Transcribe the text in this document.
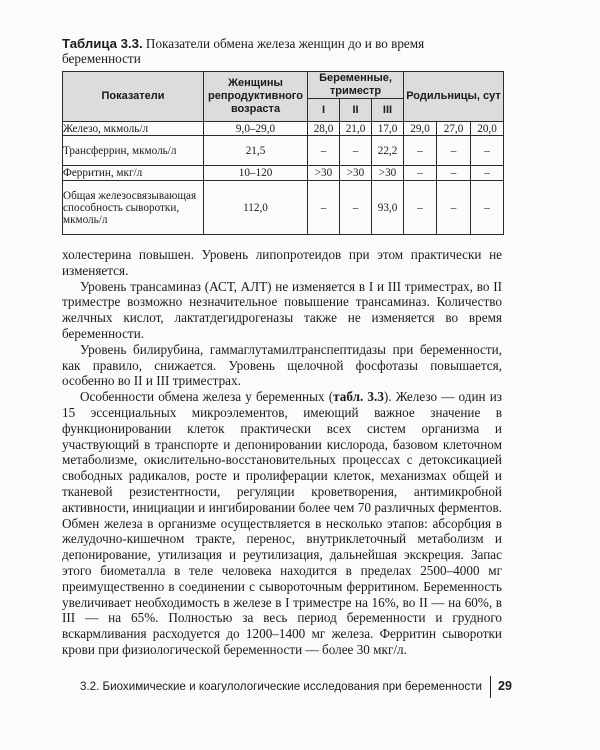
Таблица 3.3. Показатели обмена железа женщин до и во время беременности
Показатели	Женщины репродуктивного возраста	Беременные, триместр			Родильницы, сут		
		I	II	III			
Железо, мкмоль/л	9,0–29,0	28,0	21,0	17,0	29,0	27,0	20,0
Трансферрин, мкмоль/л	21,5	–	–	22,2	–	–	–
Ферритин, мкг/л	10–120	>30	>30	>30	–	–	–
Общая железосвязывающая способность сыворотки, мкмоль/л	112,0	–	–	93,0	–	–	–

холестерина повышен. Уровень липопротеидов при этом практически не изменяется.

Уровень трансаминаз (АСТ, АЛТ) не изменяется в I и III триместрах, во II триместре возможно незначительное повышение трансаминаз. Количество желчных кислот, лактатдегидрогеназы также не изменяется во время беременности.

Уровень билирубина, гаммаглутамилтранспептидазы при беременности, как правило, снижается. Уровень щелочной фосфотазы повышается, особенно во II и III триместрах.

Особенности обмена железа у беременных (табл. 3.3). Железо — один из 15 эссенциальных микроэлементов, имеющий важное значение в функционировании клеток практически всех систем организма и участвующий в транспорте и депонировании кислорода, базовом клеточном метаболизме, окислительно-восстановительных процессах с детоксикацией свободных радикалов, росте и пролиферации клеток, механизмах общей и тканевой резистентности, регуляции кроветворения, антимикробной активности, инициации и ингибировании более чем 70 различных ферментов. Обмен железа в организме осуществляется в несколько этапов: абсорбция в желудочно-кишечном тракте, перенос, внутриклеточный метаболизм и депонирование, утилизация и реутилизация, дальнейшая экскреция. Запас этого биометалла в теле человека находится в пределах 2500–4000 мг преимущественно в соединении с сывороточным ферритином. Беременность увеличивает необходимость в железе в I триместре на 16%, во II — на 60%, в III — на 65%. Полностью за весь период беременности и грудного вскармливания расходуется до 1200–1400 мг железа. Ферритин сыворотки крови при физиологической беременности — более 30 мкг/л.

3.2. Биохимические и коагулологические исследования при беременности 29
